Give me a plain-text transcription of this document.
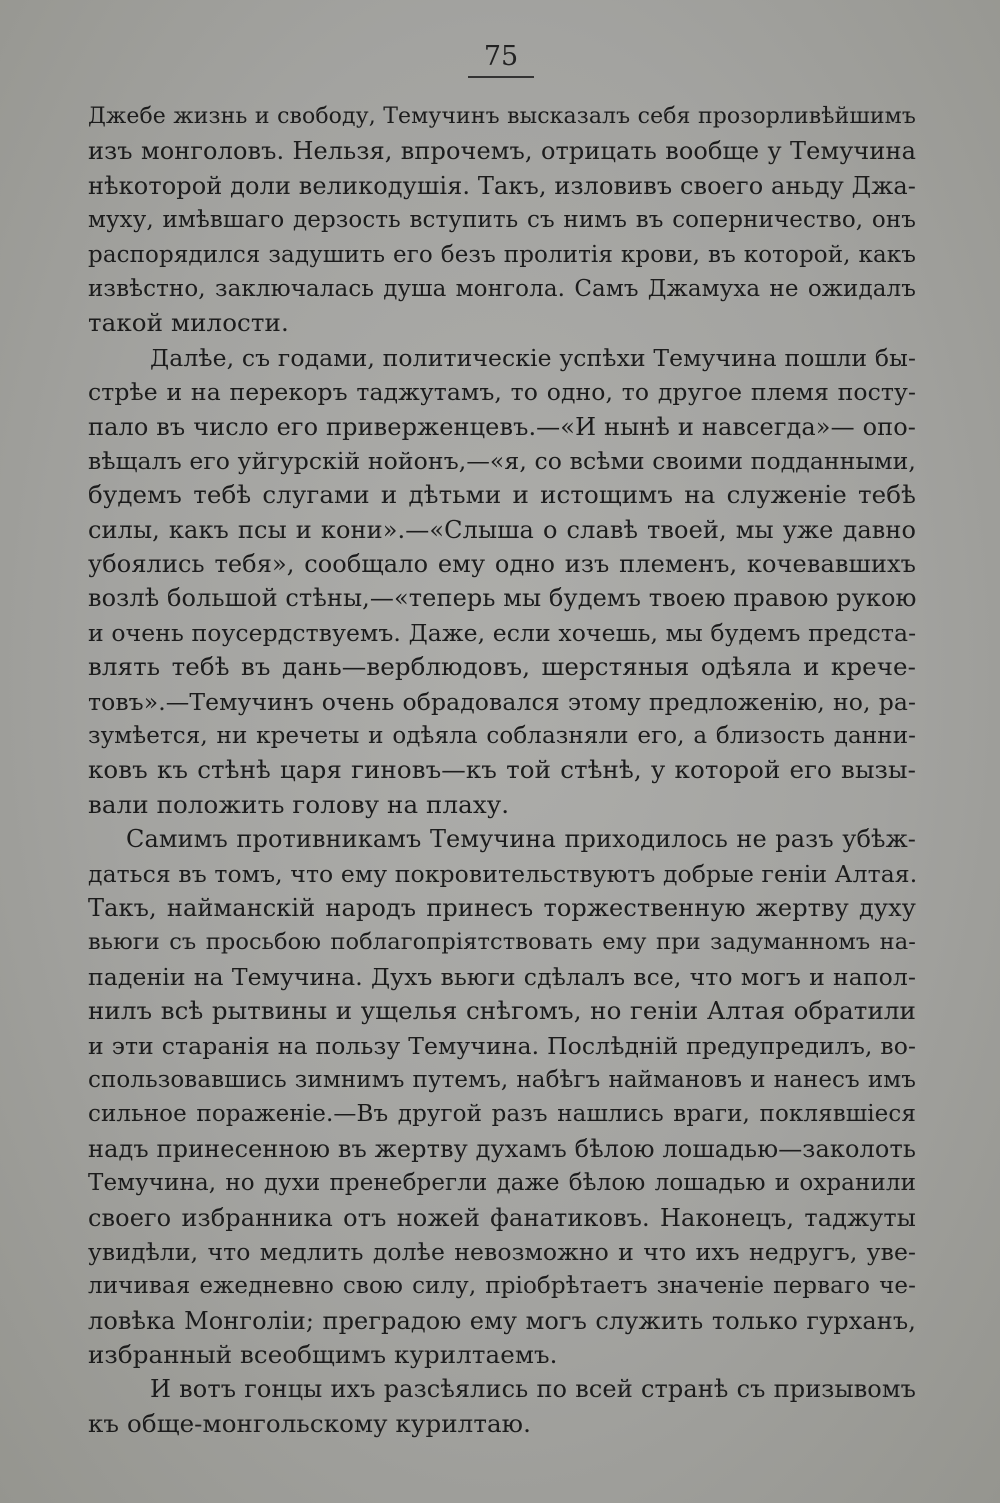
75
Джебе жизнь и свободу, Темучинъ высказалъ себя прозорливѣйшимъ
изъ монголовъ. Нельзя, впрочемъ, отрицать вообще у Темучина
нѣкоторой доли великодушія. Такъ, изловивъ своего аньду Джа-
муху, имѣвшаго дерзость вступить съ нимъ въ соперничество, онъ
распорядился задушить его безъ пролитія крови, въ которой, какъ
извѣстно, заключалась душа монгола. Самъ Джамуха не ожидалъ
такой милости.
Далѣе, съ годами, политическіе успѣхи Темучина пошли бы-
стрѣе и на перекоръ таджутамъ, то одно, то другое племя посту-
пало въ число его приверженцевъ.—«И нынѣ и навсегда»— опо-
вѣщалъ его уйгурскій нойонъ,—«я, со всѣми своими подданными,
будемъ тебѣ слугами и дѣтьми и истощимъ на служеніе тебѣ
силы, какъ псы и кони».—«Слыша о славѣ твоей, мы уже давно
убоялись тебя», сообщало ему одно изъ племенъ, кочевавшихъ
возлѣ большой стѣны,—«теперь мы будемъ твоею правою рукою
и очень поусердствуемъ. Даже, если хочешь, мы будемъ предста-
влять тебѣ въ дань—верблюдовъ, шерстяныя одѣяла и крече-
товъ».—Темучинъ очень обрадовался этому предложенію, но, ра-
зумѣется, ни кречеты и одѣяла соблазняли его, а близость данни-
ковъ къ стѣнѣ царя гиновъ—къ той стѣнѣ, у которой его вызы-
вали положить голову на плаху.
Самимъ противникамъ Темучина приходилось не разъ убѣж-
даться въ томъ, что ему покровительствуютъ добрые геніи Алтая.
Такъ, найманскій народъ принесъ торжественную жертву духу
вьюги съ просьбою поблагопріятствовать ему при задуманномъ на-
паденіи на Темучина. Духъ вьюги сдѣлалъ все, что могъ и напол-
нилъ всѣ рытвины и ущелья снѣгомъ, но геніи Алтая обратили
и эти старанія на пользу Темучина. Послѣдній предупредилъ, во-
спользовавшись зимнимъ путемъ, набѣгъ наймановъ и нанесъ имъ
сильное пораженіе.—Въ другой разъ нашлись враги, поклявшіеся
надъ принесенною въ жертву духамъ бѣлою лошадью—заколоть
Темучина, но духи пренебрегли даже бѣлою лошадью и охранили
своего избранника отъ ножей фанатиковъ. Наконецъ, таджуты
увидѣли, что медлить долѣе невозможно и что ихъ недругъ, уве-
личивая ежедневно свою силу, пріобрѣтаетъ значеніе перваго че-
ловѣка Монголіи; преградою ему могъ служить только гурханъ,
избранный всеобщимъ курилтаемъ.
И вотъ гонцы ихъ разсѣялись по всей странѣ съ призывомъ
къ обще-монгольскому курилтаю.
